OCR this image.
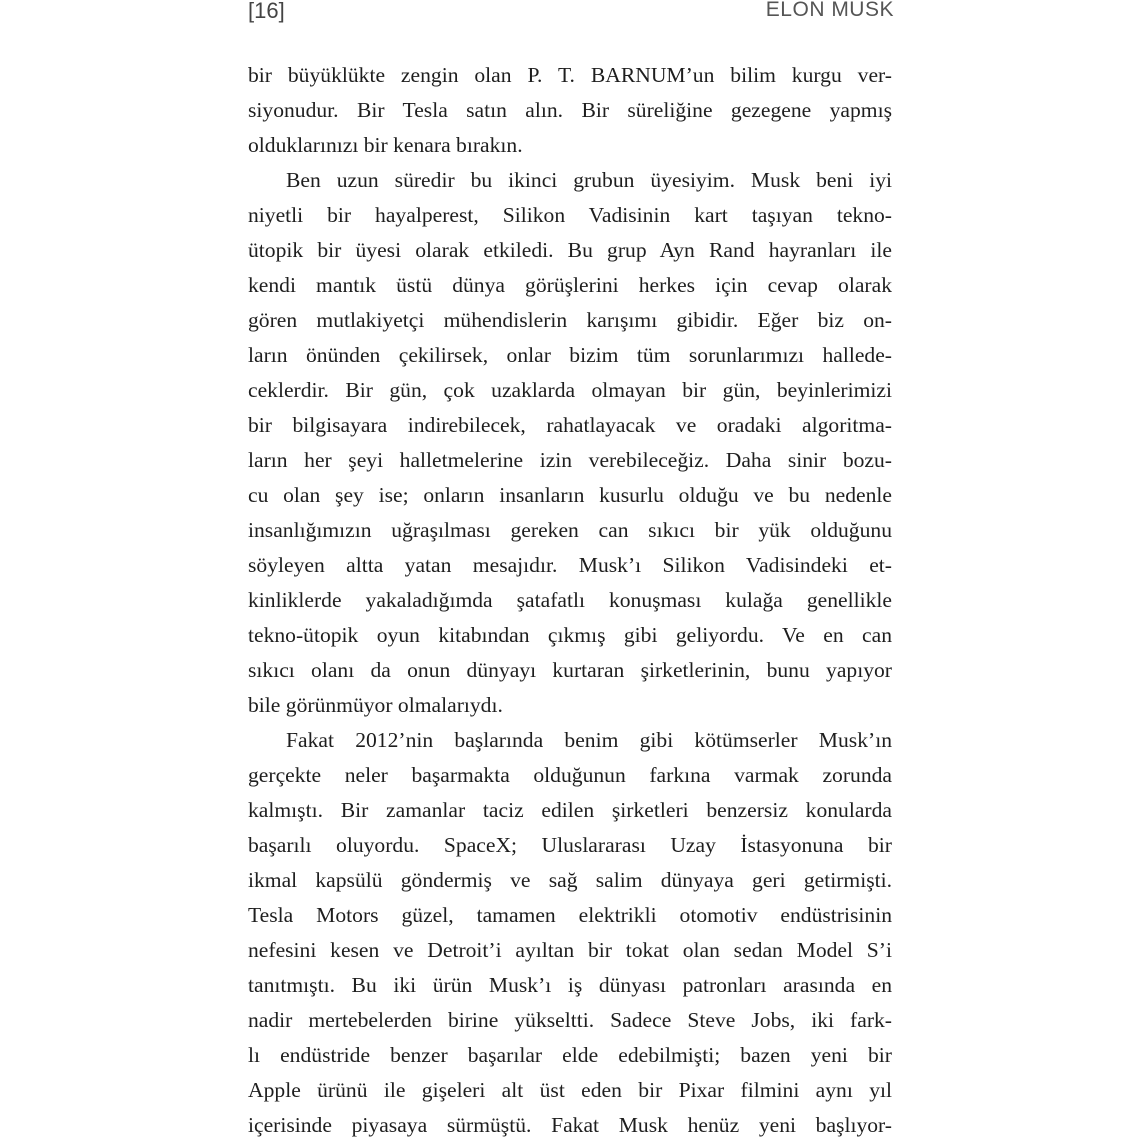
[16]	ELON MUSK

bir büyüklükte zengin olan P. T. BARNUM’un bilim kurgu ver-
siyonudur. Bir Tesla satın alın. Bir süreliğine gezegene yapmış
olduklarınızı bir kenara bırakın.

Ben uzun süredir bu ikinci grubun üyesiyim. Musk beni iyi
niyetli bir hayalperest, Silikon Vadisinin kart taşıyan tekno-
ütopik bir üyesi olarak etkiledi. Bu grup Ayn Rand hayranları ile
kendi mantık üstü dünya görüşlerini herkes için cevap olarak
gören mutlakiyetçi mühendislerin karışımı gibidir. Eğer biz on-
ların önünden çekilirsek, onlar bizim tüm sorunlarımızı hallede-
ceklerdir. Bir gün, çok uzaklarda olmayan bir gün, beyinlerimizi
bir bilgisayara indirebilecek, rahatlayacak ve oradaki algoritma-
ların her şeyi halletmelerine izin verebileceğiz. Daha sinir bozu-
cu olan şey ise; onların insanların kusurlu olduğu ve bu nedenle
insanlığımızın uğraşılması gereken can sıkıcı bir yük olduğunu
söyleyen altta yatan mesajıdır. Musk’ı Silikon Vadisindeki et-
kinliklerde yakaladığımda şatafatlı konuşması kulağa genellikle
tekno-ütopik oyun kitabından çıkmış gibi geliyordu. Ve en can
sıkıcı olanı da onun dünyayı kurtaran şirketlerinin, bunu yapıyor
bile görünmüyor olmalarıydı.

Fakat 2012’nin başlarında benim gibi kötümserler Musk’ın
gerçekte neler başarmakta olduğunun farkına varmak zorunda
kalmıştı. Bir zamanlar taciz edilen şirketleri benzersiz konularda
başarılı oluyordu. SpaceX; Uluslararası Uzay İstasyonuna bir
ikmal kapsülü göndermiş ve sağ salim dünyaya geri getirmişti.
Tesla Motors güzel, tamamen elektrikli otomotiv endüstrisinin
nefesini kesen ve Detroit’i ayıltan bir tokat olan sedan Model S’i
tanıtmıştı. Bu iki ürün Musk’ı iş dünyası patronları arasında en
nadir mertebelerden birine yükseltti. Sadece Steve Jobs, iki fark-
lı endüstride benzer başarılar elde edebilmişti; bazen yeni bir
Apple ürünü ile gişeleri alt üst eden bir Pixar filmini aynı yıl
içerisinde piyasaya sürmüştü. Fakat Musk henüz yeni başlıyor-
